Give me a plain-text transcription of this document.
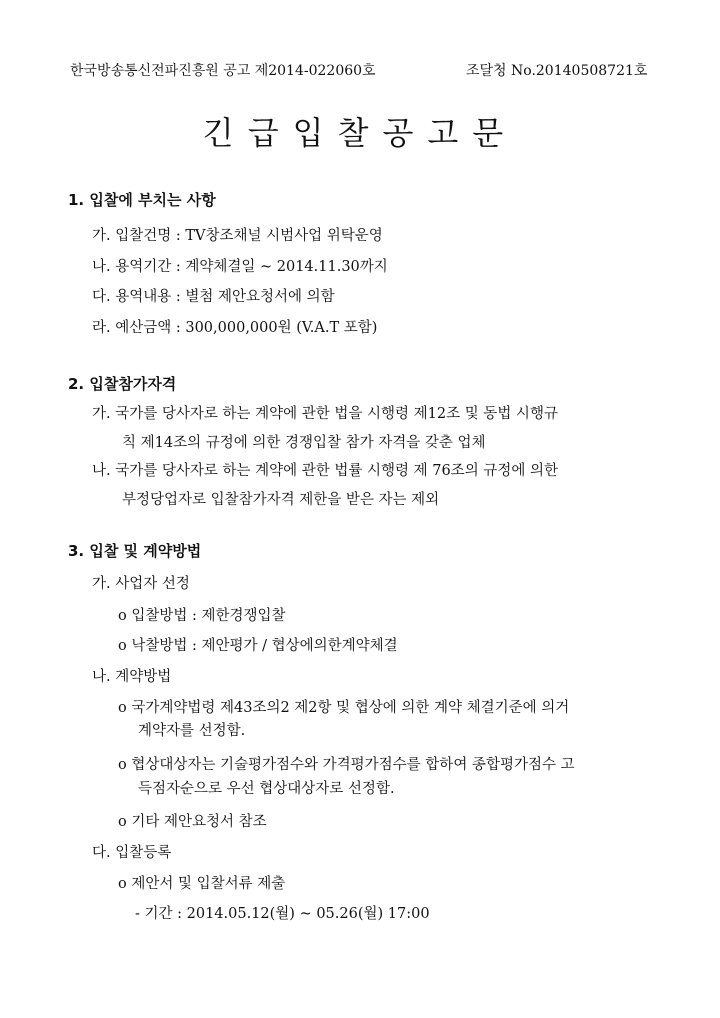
한국방송통신전파진흥원 공고 제2014-022060호	조달청 No.20140508721호
긴급입찰공고문
1. 입찰에 부치는 사항
가. 입찰건명 : TV창조채널 시범사업 위탁운영
나. 용역기간 : 계약체결일 ~ 2014.11.30까지
다. 용역내용 : 별첨 제안요청서에 의함
라. 예산금액 : 300,000,000원 (V.A.T 포함)
2. 입찰참가자격
가. 국가를 당사자로 하는 계약에 관한 법을 시행령 제12조 및 동법 시행규
칙 제14조의 규정에 의한 경쟁입찰 참가 자격을 갖춘 업체
나. 국가를 당사자로 하는 계약에 관한 법률 시행령 제 76조의 규정에 의한
부정당업자로 입찰참가자격 제한을 받은 자는 제외
3. 입찰 및 계약방법
가. 사업자 선정
o 입찰방법 : 제한경쟁입찰
o 낙찰방법 : 제안평가 / 협상에의한계약체결
나. 계약방법
o 국가계약법령 제43조의2 제2항 및 협상에 의한 계약 체결기준에 의거
계약자를 선정함.
o 협상대상자는 기술평가점수와 가격평가점수를 합하여 종합평가점수 고
득점자순으로 우선 협상대상자로 선정함.
o 기타 제안요청서 참조
다. 입찰등록
o 제안서 및 입찰서류 제출
- 기간 : 2014.05.12(월) ~ 05.26(월) 17:00
